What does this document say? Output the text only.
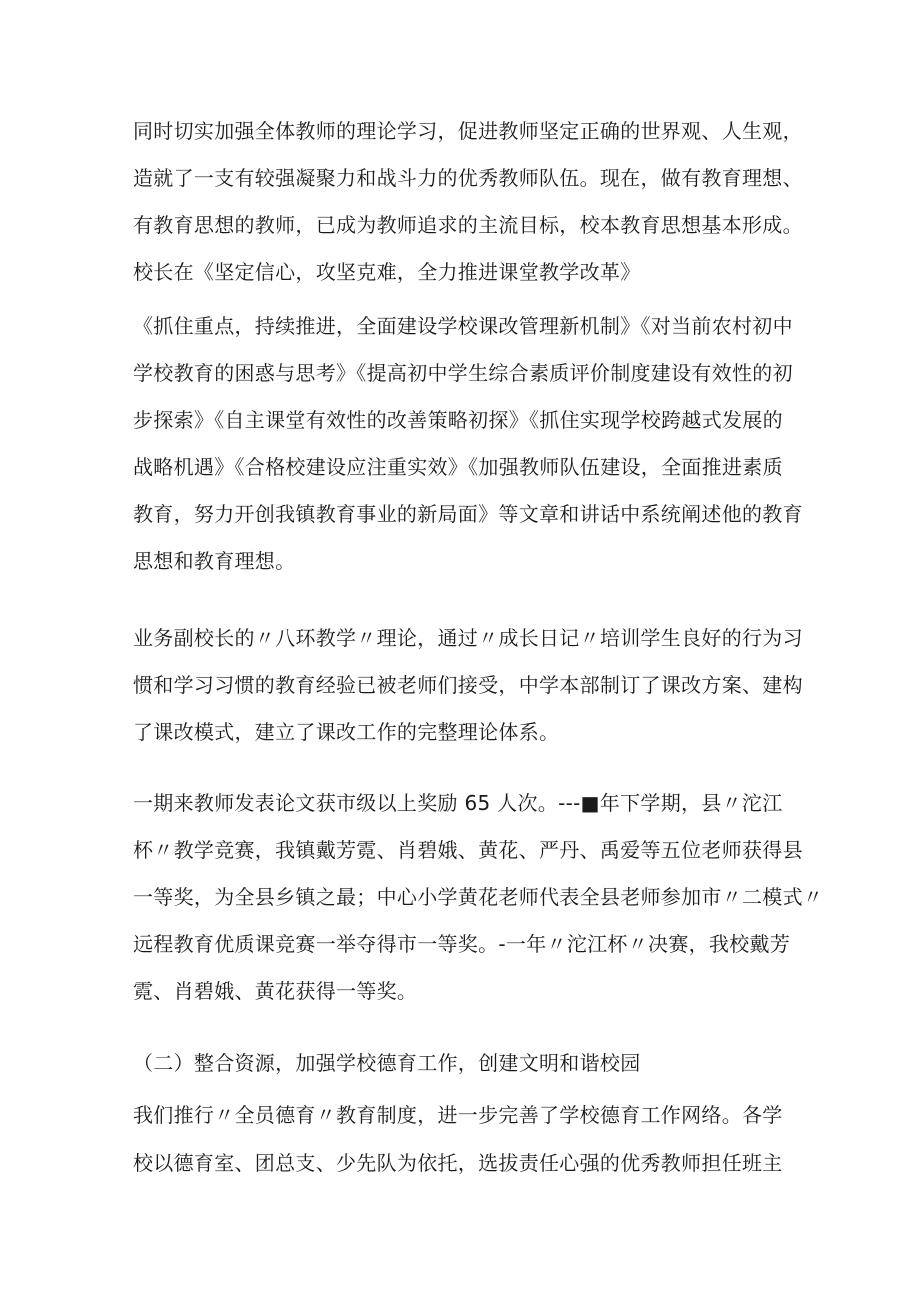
同时切实加强全体教师的理论学习，促进教师坚定正确的世界观、人生观，
造就了一支有较强凝聚力和战斗力的优秀教师队伍。现在，做有教育理想、
有教育思想的教师，已成为教师追求的主流目标，校本教育思想基本形成。
校长在《坚定信心，攻坚克难，全力推进课堂教学改革》
《抓住重点，持续推进，全面建设学校课改管理新机制》《对当前农村初中
学校教育的困惑与思考》《提高初中学生综合素质评价制度建设有效性的初
步探索》《自主课堂有效性的改善策略初探》《抓住实现学校跨越式发展的
战略机遇》《合格校建设应注重实效》《加强教师队伍建设，全面推进素质
教育，努力开创我镇教育事业的新局面》等文章和讲话中系统阐述他的教育
思想和教育理想。
业务副校长的〃八环教学〃理论，通过〃成长日记〃培训学生良好的行为习
惯和学习习惯的教育经验已被老师们接受，中学本部制订了课改方案、建构
了课改模式，建立了课改工作的完整理论体系。
一期来教师发表论文获市级以上奖励 65 人次。---■年下学期，县〃沱江
杯〃教学竞赛，我镇戴芳霓、肖碧娥、黄花、严丹、禹爱等五位老师获得县
一等奖，为全县乡镇之最；中心小学黄花老师代表全县老师参加市〃二模式〃
远程教育优质课竞赛一举夺得市一等奖。-一年〃沱江杯〃决赛，我校戴芳
霓、肖碧娥、黄花获得一等奖。
（二）整合资源，加强学校德育工作，创建文明和谐校园
我们推行〃全员德育〃教育制度，进一步完善了学校德育工作网络。各学
校以德育室、团总支、少先队为依托，选拔责任心强的优秀教师担任班主
